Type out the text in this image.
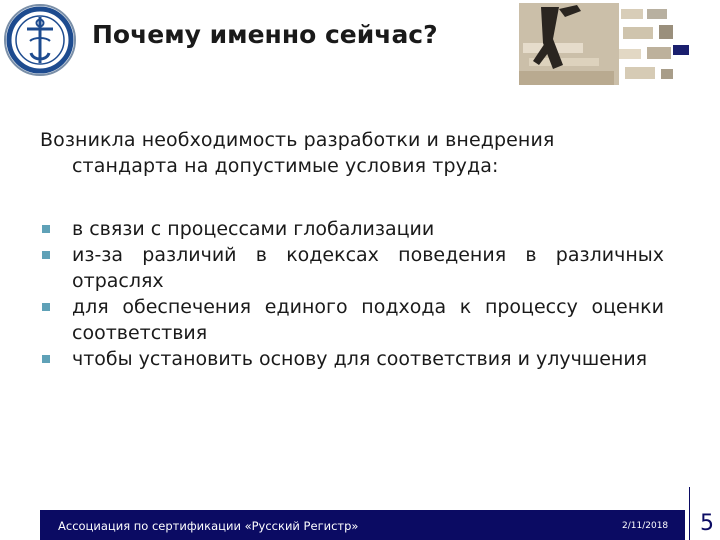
Почему именно сейчас?
Возникла необходимость разработки и внедрения
стандарта на допустимые условия труда:
в связи с процессами глобализации
из-за различий в кодексах поведения в различных отраслях
для обеспечения единого подхода к процессу оценки соответствия
чтобы установить основу для соответствия и улучшения
Ассоциация по сертификации «Русский Регистр»	2/11/2018 5
